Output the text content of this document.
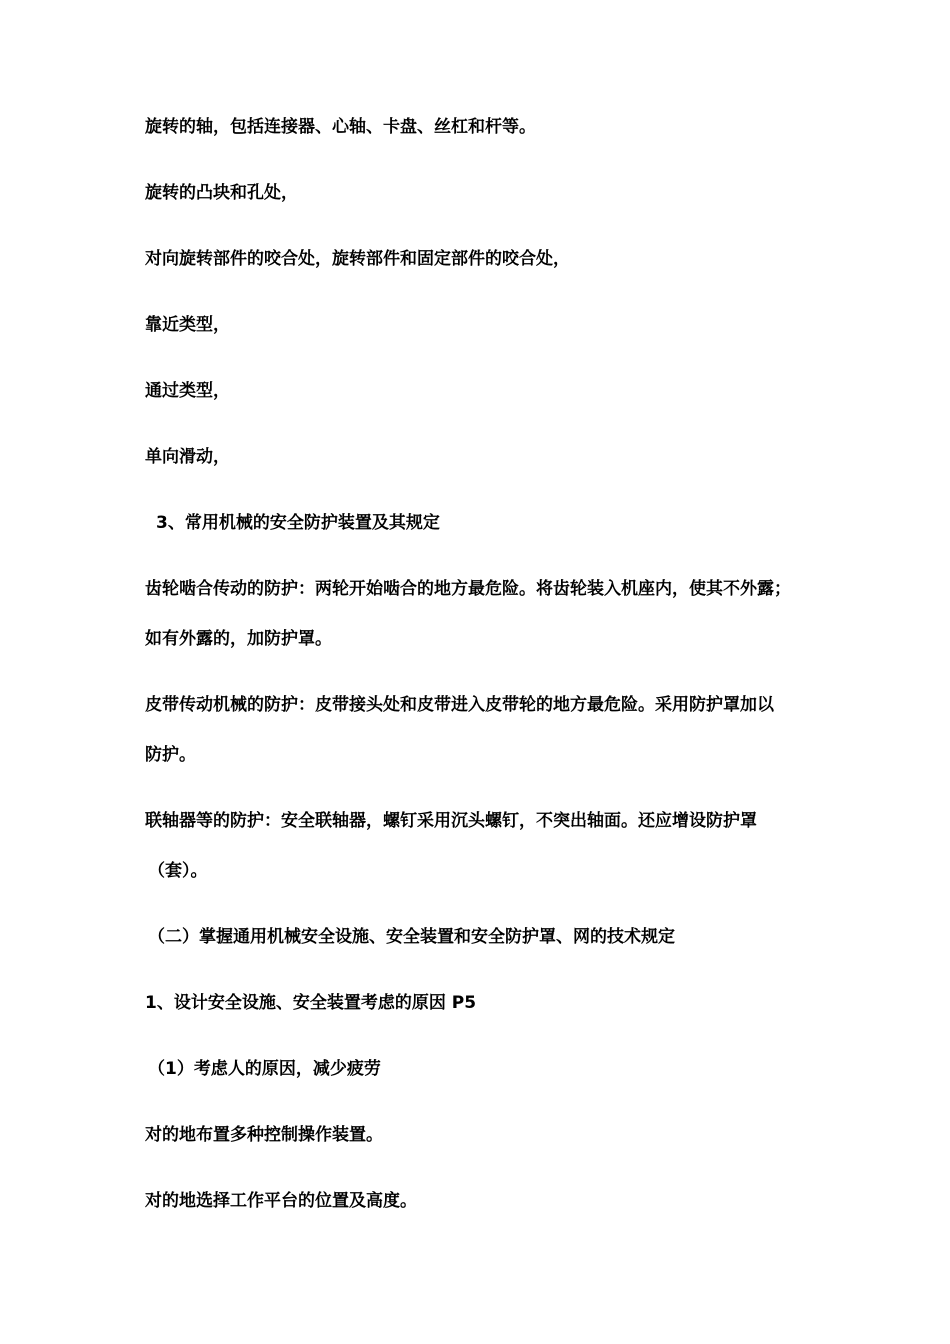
旋转的轴，包括连接器、心轴、卡盘、丝杠和杆等。

旋转的凸块和孔处，

对向旋转部件的咬合处，旋转部件和固定部件的咬合处，

靠近类型，

通过类型，

单向滑动，

3、常用机械的安全防护装置及其规定

齿轮啮合传动的防护：两轮开始啮合的地方最危险。将齿轮装入机座内，使其不外露；

如有外露的，加防护罩。

皮带传动机械的防护：皮带接头处和皮带进入皮带轮的地方最危险。采用防护罩加以

防护。

联轴器等的防护：安全联轴器，螺钉采用沉头螺钉，不突出轴面。还应增设防护罩

（套）。

（二）掌握通用机械安全设施、安全装置和安全防护罩、网的技术规定

1、设计安全设施、安全装置考虑的原因 P5

（1）考虑人的原因，减少疲劳

对的地布置多种控制操作装置。

对的地选择工作平台的位置及高度。
